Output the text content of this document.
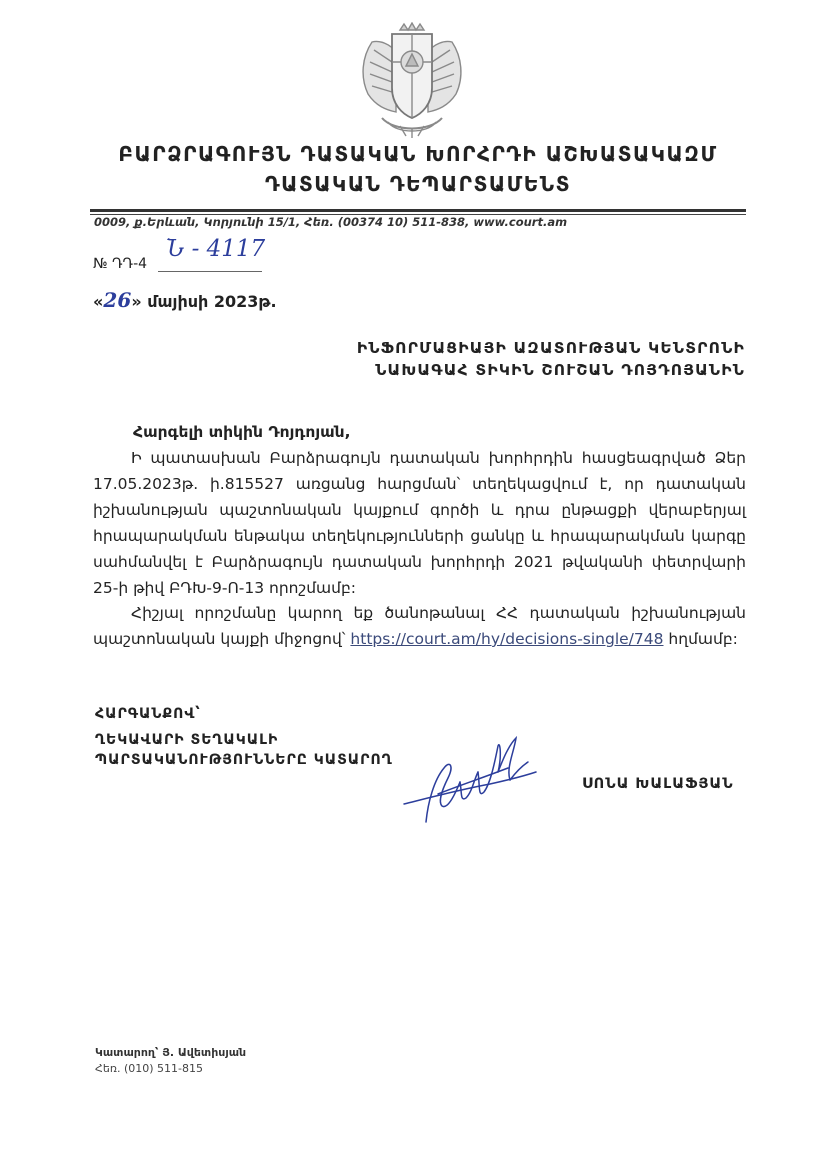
ԲԱՐՁՐԱԳՈՒՅՆ ԴԱՏԱԿԱՆ ԽՈՐՀՐԴԻ ԱՇԽԱՏԱԿԱԶՄ
ԴԱՏԱԿԱՆ ԴԵՊԱՐՏԱՄԵՆՏ
0009, ք.Երևան, Կորյունի 15/1, Հեռ. (00374 10) 511-838, www.court.am
№ ԴԴ-4
Ն - 4117
«26» մայիսի 2023թ.
ԻՆՖՈՐՄԱՑԻԱՅԻ ԱԶԱՏՈՒԹՅԱՆ ԿԵՆՏՐՈՆԻ
ՆԱԽԱԳԱՀ ՏԻԿԻՆ ՇՈՒՇԱՆ ԴՈՅԴՈՅԱՆԻՆ
Հարգելի տիկին Դոյդոյան,
Ի պատասխան Բարձրագույն դատական խորհրդին հասցեագրված Ձեր 17.05.2023թ. ի.815527 առցանց հարցման՝ տեղեկացվում է, որ դատական իշխանության պաշտոնական կայքում գործի և դրա ընթացքի վերաբերյալ հրապարակման ենթակա տեղեկությունների ցանկը և հրապարակման կարգը սահմանվել է Բարձրագույն դատական խորհրդի 2021 թվականի փետրվարի 25-ի թիվ ԲԴԽ-9-Ո-13 որոշմամբ:
Հիշյալ որոշմանը կարող եք ծանոթանալ ՀՀ դատական իշխանության պաշտոնական կայքի միջոցով՝ https://court.am/hy/decisions-single/748 հղմամբ:
ՀԱՐԳԱՆՔՈՎ՝
ՂԵԿԱՎԱՐԻ ՏԵՂԱԿԱԼԻ
ՊԱՐՏԱԿԱՆՈՒԹՅՈՒՆՆԵՐԸ ԿԱՏԱՐՈՂ
ՍՈՆԱ ԽԱԼԱՖՅԱՆ
Կատարող՝ Յ. Ավետիսյան
Հեռ. (010) 511-815
